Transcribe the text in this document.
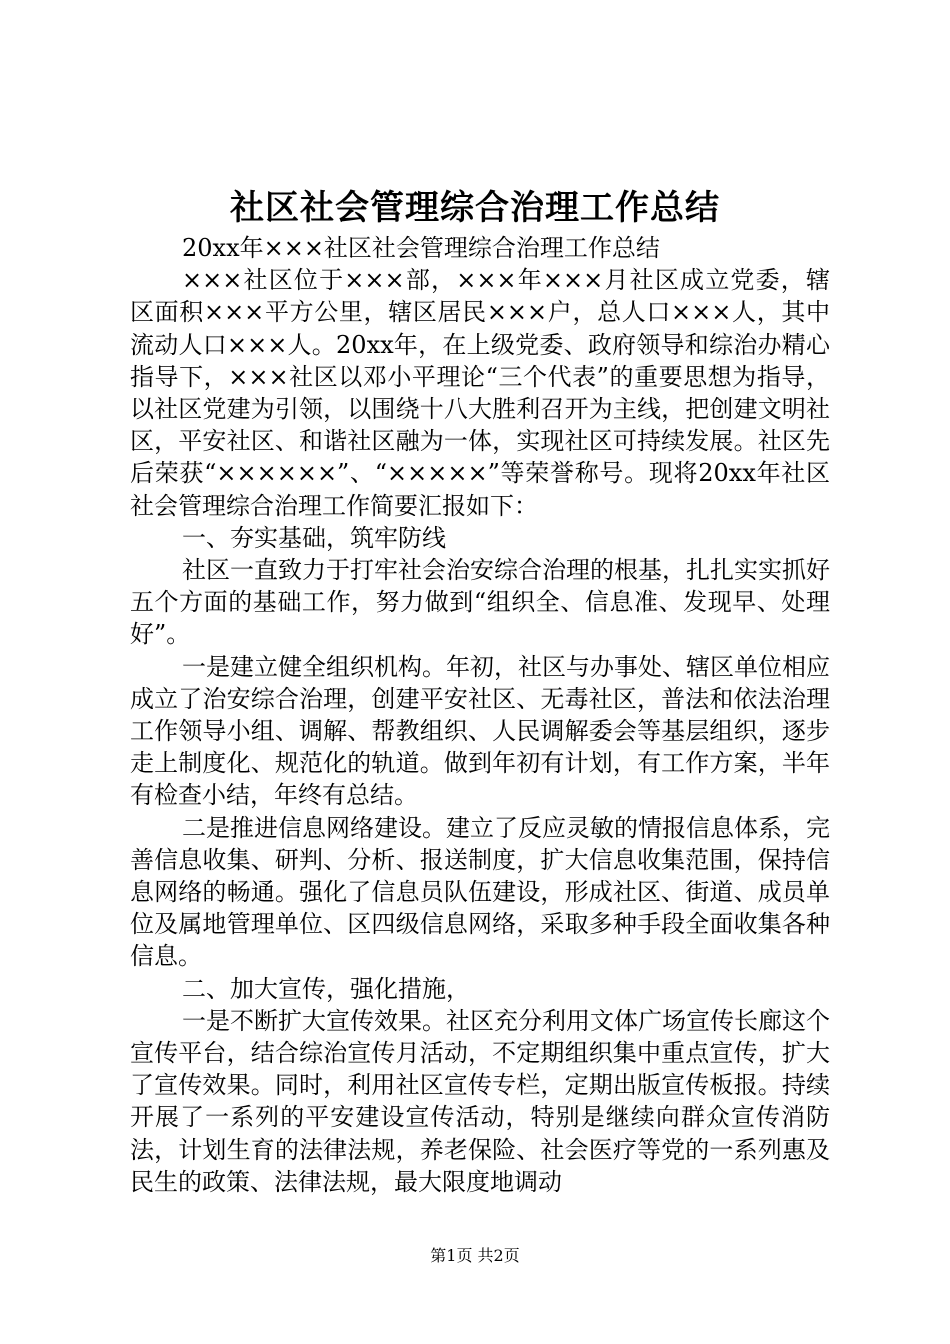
社区社会管理综合治理工作总结

20xx年×××社区社会管理综合治理工作总结

×××社区位于×××部，×××年×××月社区成立党委，辖区面积×××平方公里，辖区居民×××户，总人口×××人，其中流动人口×××人。20xx年，在上级党委、政府领导和综治办精心指导下，×××社区以邓小平理论“三个代表”的重要思想为指导，以社区党建为引领，以围绕十八大胜利召开为主线，把创建文明社区，平安社区、和谐社区融为一体，实现社区可持续发展。社区先后荣获“××××××”、“×××××”等荣誉称号。现将20xx年社区社会管理综合治理工作简要汇报如下：

一、夯实基础，筑牢防线

社区一直致力于打牢社会治安综合治理的根基，扎扎实实抓好五个方面的基础工作，努力做到“组织全、信息准、发现早、处理好”。

一是建立健全组织机构。年初，社区与办事处、辖区单位相应成立了治安综合治理，创建平安社区、无毒社区，普法和依法治理工作领导小组、调解、帮教组织、人民调解委会等基层组织，逐步走上制度化、规范化的轨道。做到年初有计划，有工作方案，半年有检查小结，年终有总结。

二是推进信息网络建设。建立了反应灵敏的情报信息体系，完善信息收集、研判、分析、报送制度，扩大信息收集范围，保持信息网络的畅通。强化了信息员队伍建设，形成社区、街道、成员单位及属地管理单位、区四级信息网络，采取多种手段全面收集各种信息。

二、加大宣传，强化措施，

一是不断扩大宣传效果。社区充分利用文体广场宣传长廊这个宣传平台，结合综治宣传月活动，不定期组织集中重点宣传，扩大了宣传效果。同时，利用社区宣传专栏，定期出版宣传板报。持续开展了一系列的平安建设宣传活动，特别是继续向群众宣传消防法，计划生育的法律法规，养老保险、社会医疗等党的一系列惠及民生的政策、法律法规，最大限度地调动

第1页 共2页
